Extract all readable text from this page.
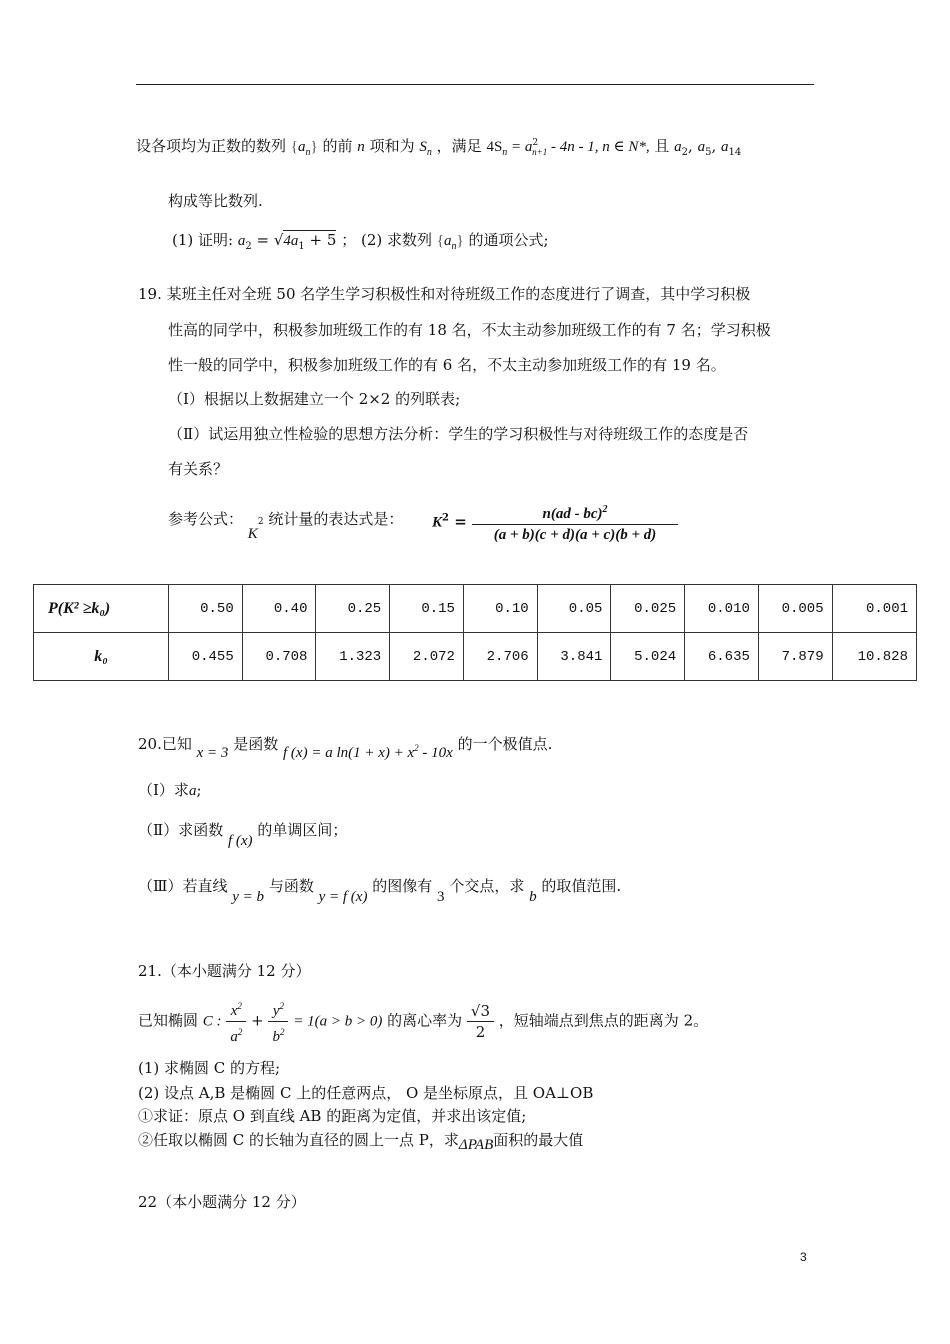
设各项均为正数的数列 $\{a_n\}$ 的前 n 项和为 $S_n$ ，满足 $4S_n = a^2_{n+1} - 4n - 1$, n ∈ N*, 且 $a_2$, $a_5$, $a_{14}$
构成等比数列.
(1) 证明: $a_2 = √4a_1 + 5$ ； (2) 求数列 $\{a_n\}$ 的通项公式;
19. 某班主任对全班 50 名学生学习积极性和对待班级工作的态度进行了调查，其中学习积极
性高的同学中，积极参加班级工作的有 18 名，不太主动参加班级工作的有 7 名；学习积极
性一般的同学中，积极参加班级工作的有 6 名，不太主动参加班级工作的有 19 名。
（Ⅰ）根据以上数据建立一个 2×2 的列联表;
（Ⅱ）试运用独立性检验的思想方法分析：学生的学习积极性与对待班级工作的态度是否
有关系？
参考公式： $K^2$ 统计量的表达式是： $K^2 = \frac{n(ad - bc)^2}{(a + b)(c + d)(a + c)(b + d)}$
P(K² ≥k₀)	0.50	0.40	0.25	0.15	0.10	0.05	0.025	0.010	0.005	0.001
k₀	0.455	0.708	1.323	2.072	2.706	3.841	5.024	6.635	7.879	10.828
20.已知 x = 3 是函数 f (x) = a $\ln(1 + x) + x^2 - 10x$ 的一个极值点.
（Ⅰ）求a;
（Ⅱ）求函数 f (x) 的单调区间；
（Ⅲ）若直线 y = b 与函数 y = f (x) 的图像有 3 个交点，求 b 的取值范围.
21.（本小题满分 12 分）
已知椭圆 C : $\frac{x^2}{a^2} + \frac{y^2}{b^2} = 1(a > b > 0)$ 的离心率为 $\frac{√3}{2}$ ，短轴端点到焦点的距离为 2。
(1) 求椭圆 C 的方程;
(2) 设点 A,B 是椭圆 C 上的任意两点， O 是坐标原点，且 OA⊥OB
①求证：原点 O 到直线 AB 的距离为定值，并求出该定值;
②任取以椭圆 C 的长轴为直径的圆上一点 P，求ΔPAB面积的最大值
22（本小题满分 12 分）
3
